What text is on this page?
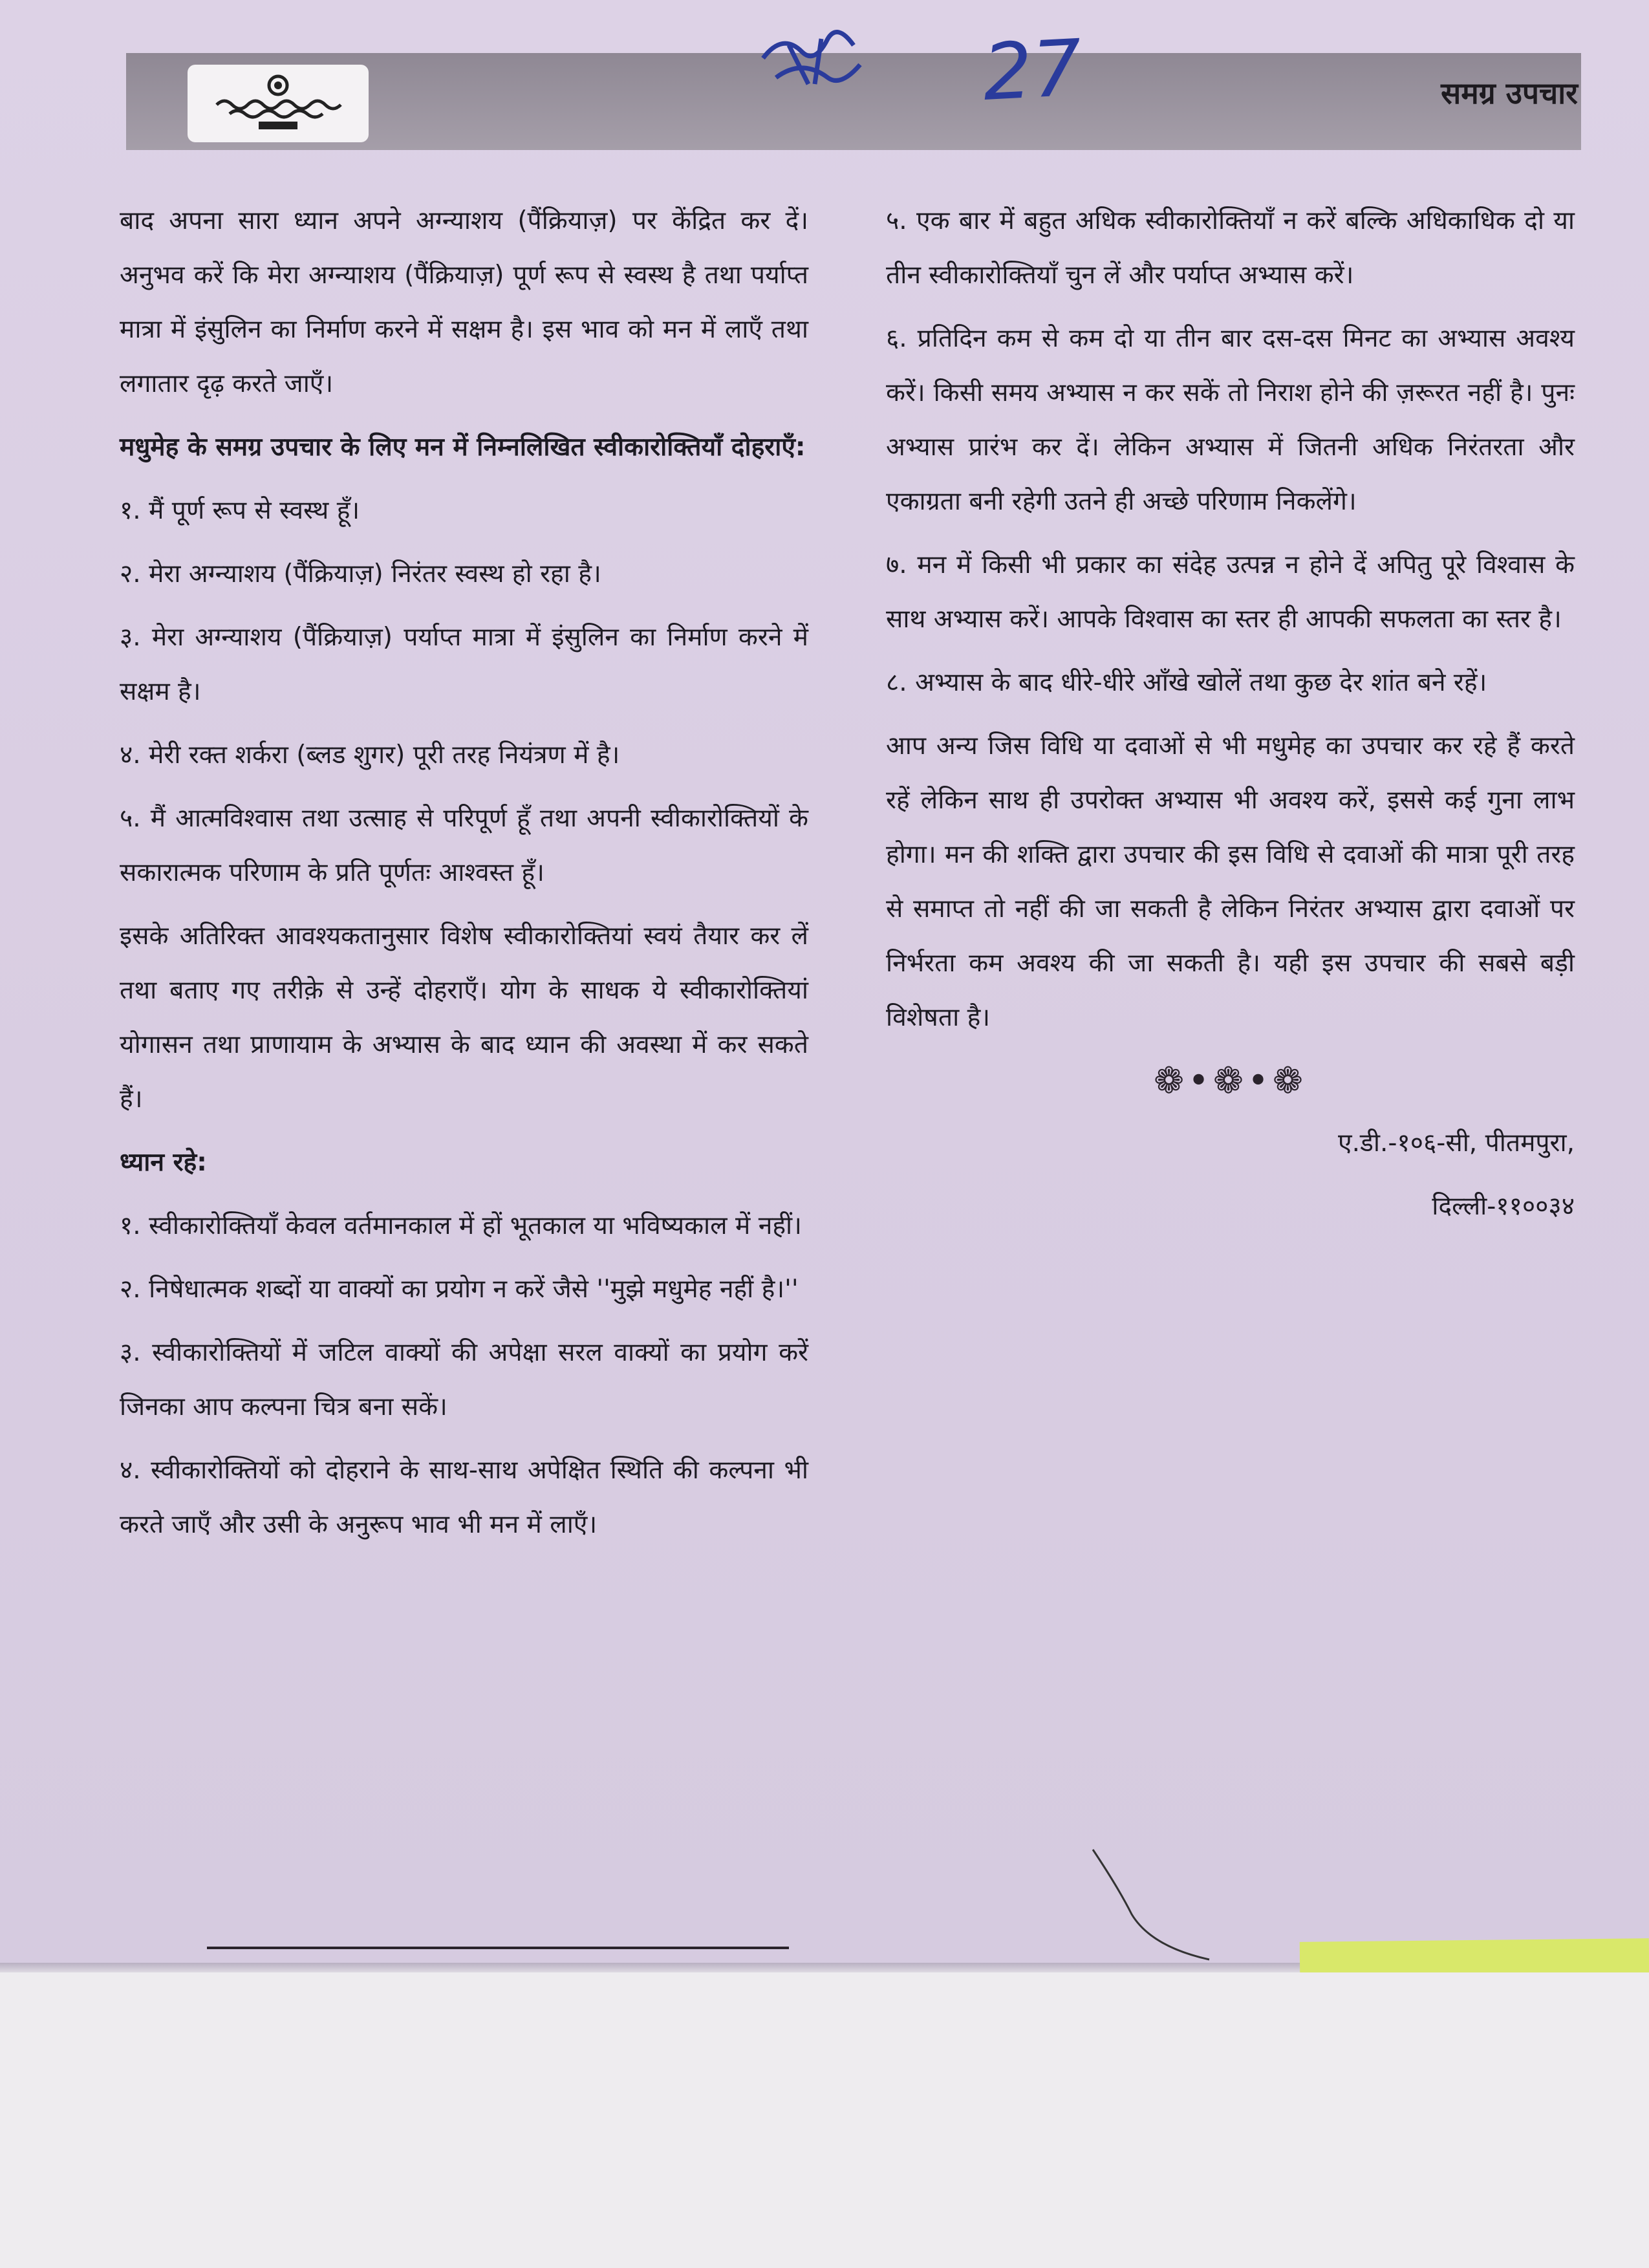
समग्र उपचार
27

बाद अपना सारा ध्यान अपने अग्न्याशय (पैंक्रियाज़) पर केंद्रित कर दें। अनुभव करें कि मेरा अग्न्याशय (पैंक्रियाज़) पूर्ण रूप से स्वस्थ है तथा पर्याप्त मात्रा में इंसुलिन का निर्माण करने में सक्षम है। इस भाव को मन में लाएँ तथा लगातार दृढ़ करते जाएँ।

मधुमेह के समग्र उपचार के लिए मन में निम्नलिखित स्वीकारोक्तियाँ दोहराएँ:

१. मैं पूर्ण रूप से स्वस्थ हूँ।

२. मेरा अग्न्याशय (पैंक्रियाज़) निरंतर स्वस्थ हो रहा है।

३. मेरा अग्न्याशय (पैंक्रियाज़) पर्याप्त मात्रा में इंसुलिन का निर्माण करने में सक्षम है।

४. मेरी रक्त शर्करा (ब्लड शुगर) पूरी तरह नियंत्रण में है।

५. मैं आत्मविश्वास तथा उत्साह से परिपूर्ण हूँ तथा अपनी स्वीकारोक्तियों के सकारात्मक परिणाम के प्रति पूर्णतः आश्वस्त हूँ।

इसके अतिरिक्त आवश्यकतानुसार विशेष स्वीकारोक्तियां स्वयं तैयार कर लें तथा बताए गए तरीक़े से उन्हें दोहराएँ। योग के साधक ये स्वीकारोक्तियां योगासन तथा प्राणायाम के अभ्यास के बाद ध्यान की अवस्था में कर सकते हैं।

ध्यान रहे:

१. स्वीकारोक्तियाँ केवल वर्तमानकाल में हों भूतकाल या भविष्यकाल में नहीं।

२. निषेधात्मक शब्दों या वाक्यों का प्रयोग न करें जैसे ''मुझे मधुमेह नहीं है।''

३. स्वीकारोक्तियों में जटिल वाक्यों की अपेक्षा सरल वाक्यों का प्रयोग करें जिनका आप कल्पना चित्र बना सकें।

४. स्वीकारोक्तियों को दोहराने के साथ-साथ अपेक्षित स्थिति की कल्पना भी करते जाएँ और उसी के अनुरूप भाव भी मन में लाएँ।

५. एक बार में बहुत अधिक स्वीकारोक्तियाँ न करें बल्कि अधिकाधिक दो या तीन स्वीकारोक्तियाँ चुन लें और पर्याप्त अभ्यास करें।

६. प्रतिदिन कम से कम दो या तीन बार दस-दस मिनट का अभ्यास अवश्य करें। किसी समय अभ्यास न कर सकें तो निराश होने की ज़रूरत नहीं है। पुनः अभ्यास प्रारंभ कर दें। लेकिन अभ्यास में जितनी अधिक निरंतरता और एकाग्रता बनी रहेगी उतने ही अच्छे परिणाम निकलेंगे।

७. मन में किसी भी प्रकार का संदेह उत्पन्न न होने दें अपितु पूरे विश्वास के साथ अभ्यास करें। आपके विश्वास का स्तर ही आपकी सफलता का स्तर है।

८. अभ्यास के बाद धीरे-धीरे आँखे खोलें तथा कुछ देर शांत बने रहें।

आप अन्य जिस विधि या दवाओं से भी मधुमेह का उपचार कर रहे हैं करते रहें लेकिन साथ ही उपरोक्त अभ्यास भी अवश्य करें, इससे कई गुना लाभ होगा। मन की शक्ति द्वारा उपचार की इस विधि से दवाओं की मात्रा पूरी तरह से समाप्त तो नहीं की जा सकती है लेकिन निरंतर अभ्यास द्वारा दवाओं पर निर्भरता कम अवश्य की जा सकती है। यही इस उपचार की सबसे बड़ी विशेषता है।

❁•❁•❁

ए.डी.-१०६-सी, पीतमपुरा,

दिल्ली-११००३४
